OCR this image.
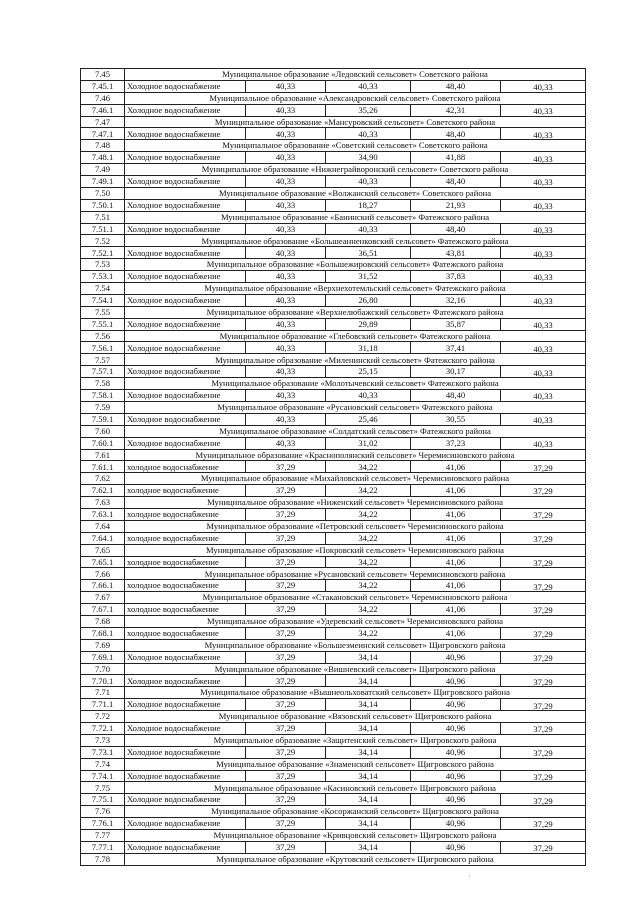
7.45	Муниципальное образование «Ледовский сельсовет» Советского района				
7.45.1	Холодное водоснабжение	40,33	40,33	48,40	40,33
7.46	Муниципальное образование «Александровский сельсовет» Советского района				
7.46.1	Холодное водоснабжение	40,33	35,26	42,31	40,33
7.47	Муниципальное образование «Мансуровский сельсовет» Советского района				
7.47.1	Холодное водоснабжение	40,33	40,33	48,40	40,33
7.48	Муниципальное образование «Советский сельсовет» Советского района				
7.48.1	Холодное водоснабжение	40,33	34,90	41,88	40,33
7.49	Муниципальное образование «Нижнеграйворонский сельсовет» Советского района				
7.49.1	Холодное водоснабжение	40,33	40,33	48,40	40,33
7.50	Муниципальное образование «Волжанский сельсовет» Советского района				
7.50.1	Холодное водоснабжение	40,33	18,27	21,93	40,33
7.51	Муниципальное образование «Банинский сельсовет» Фатежского района				
7.51.1	Холодное водоснабжение	40,33	40,33	48,40	40,33
7.52	Муниципальное образование «Большеанненковский сельсовет» Фатежского района				
7.52.1	Холодное водоснабжение	40,33	36,51	43,81	40,33
7.53	Муниципальное образование «Большежировский сельсовет» Фатежского района				
7.53.1	Холодное водоснабжение	40,33	31,52	37,83	40,33
7.54	Муниципальное образование «Верхнехотемльский сельсовет» Фатежского района				
7.54.1	Холодное водоснабжение	40,33	26,80	32,16	40,33
7.55	Муниципальное образование «Верхнелюбажский сельсовет» Фатежского района				
7.55.1	Холодное водоснабжение	40,33	29,89	35,87	40,33
7.56	Муниципальное образование «Глебовский сельсовет» Фатежского района				
7.56.1	Холодное водоснабжение	40,33	31,18	37,41	40,33
7.57	Муниципальное образование «Миленинский сельсовет» Фатежского района				
7.57.1	Холодное водоснабжение	40,33	25,15	30,17	40,33
7.58	Муниципальное образование «Молотычевский сельсовет» Фатежского района				
7.58.1	Холодное водоснабжение	40,33	40,33	48,40	40,33
7.59	Муниципальное образование «Русановский сельсовет» Фатежского района				
7.59.1	Холодное водоснабжение	40,33	25,46	30,55	40,33
7.60	Муниципальное образование «Солдатский сельсовет» Фатежского района				
7.60.1	Холодное водоснабжение	40,33	31,02	37,23	40,33
7.61	Муниципальное образование «Краснополянский сельсовет» Черемисиновского района				
7.61.1	холодное водоснабжение	37,29	34,22	41,06	37,29
7.62	Муниципальное образование «Михайловский сельсовет» Черемисиновского района				
7.62.1	холодное водоснабжение	37,29	34,22	41,06	37,29
7.63	Муниципальное образование «Ниженский сельсовет» Черемисиновского района				
7.63.1	холодное водоснабжение	37,29	34,22	41,06	37,29
7.64	Муниципальное образование «Петровский сельсовет» Черемисиновского района				
7.64.1	холодное водоснабжение	37,29	34,22	41,06	37,29
7.65	Муниципальное образование «Покровский сельсовет» Черемисиновского района				
7.65.1	холодное водоснабжение	37,29	34,22	41,06	37,29
7.66	Муниципальное образование «Русановский сельсовет» Черемисиновского района				
7.66.1	холодное водоснабжение	37,29	34,22	41,06	37,29
7.67	Муниципальное образование «Стакановский сельсовет» Черемисиновского района				
7.67.1	холодное водоснабжение	37,29	34,22	41,06	37,29
7.68	Муниципальное образование «Удеревский сельсовет» Черемисиновского района				
7.68.1	холодное водоснабжение	37,29	34,22	41,06	37,29
7.69	Муниципальное образование «Большезмеинский сельсовет» Щигровского района				
7.69.1	Холодное водоснабжение	37,29	34,14	40,96	37,29
7.70	Муниципальное образование «Вишневский сельсовет» Щигровского района				
7.70.1	Холодное водоснабжение	37,29	34,14	40,96	37,29
7.71	Муниципальное образование «Вышнеольховатский сельсовет» Щигровского района				
7.71.1	Холодное водоснабжение	37,29	34,14	40,96	37,29
7.72	Муниципальное образование «Вязовский сельсовет» Щигровского района				
7.72.1	Холодное водоснабжение	37,29	34,14	40,96	37,29
7.73	Муниципальное образование «Защитенский сельсовет» Щигровского района				
7.73.1	Холодное водоснабжение	37,29	34,14	40,96	37,29
7.74	Муниципальное образование «Знаменский сельсовет» Щигровского района				
7.74.1	Холодное водоснабжение	37,29	34,14	40,96	37,29
7.75	Муниципальное образование «Касиновский сельсовет» Щигровского района				
7.75.1	Холодное водоснабжение	37,29	34,14	40,96	37,29
7.76	Муниципальное образование «Косоржанский сельсовет» Щигровского района				
7.76.1	Холодное водоснабжение	37,29	34,14	40,96	37,29
7.77	Муниципальное образование «Кривцовский сельсовет» Щигровского района				
7.77.1	Холодное водоснабжение	37,29	34,14	40,96	37,29
7.78	Муниципальное образование «Крутовский сельсовет» Щигровского района				
·
